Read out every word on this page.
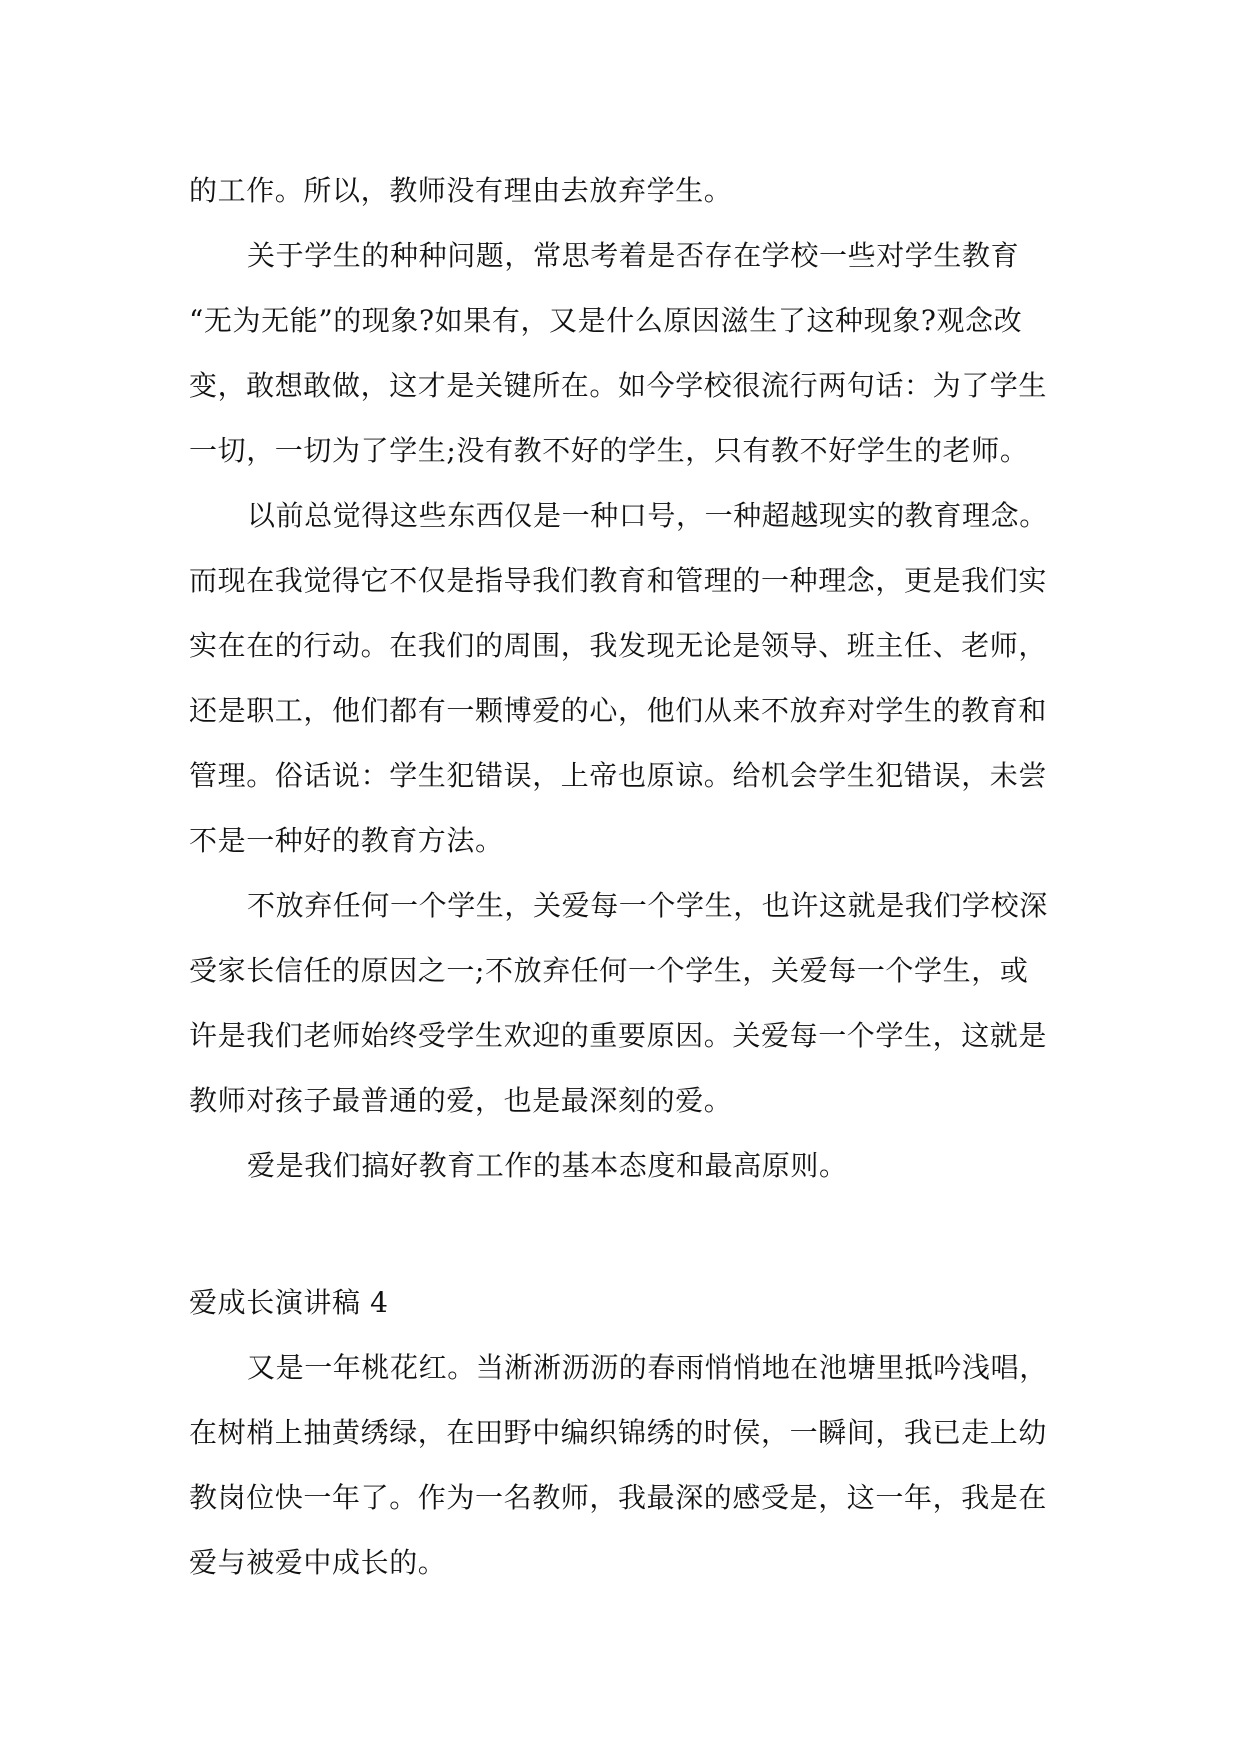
的工作。所以，教师没有理由去放弃学生。
关于学生的种种问题，常思考着是否存在学校一些对学生教育
“无为无能”的现象?如果有，又是什么原因滋生了这种现象?观念改
变，敢想敢做，这才是关键所在。如今学校很流行两句话：为了学生
一切，一切为了学生;没有教不好的学生，只有教不好学生的老师。
以前总觉得这些东西仅是一种口号，一种超越现实的教育理念。
而现在我觉得它不仅是指导我们教育和管理的一种理念，更是我们实
实在在的行动。在我们的周围，我发现无论是领导、班主任、老师，
还是职工，他们都有一颗博爱的心，他们从来不放弃对学生的教育和
管理。俗话说：学生犯错误，上帝也原谅。给机会学生犯错误，未尝
不是一种好的教育方法。
不放弃任何一个学生，关爱每一个学生，也许这就是我们学校深
受家长信任的原因之一;不放弃任何一个学生，关爱每一个学生，或
许是我们老师始终受学生欢迎的重要原因。关爱每一个学生，这就是
教师对孩子最普通的爱，也是最深刻的爱。
爱是我们搞好教育工作的基本态度和最高原则。
爱成长演讲稿 4
又是一年桃花红。当淅淅沥沥的春雨悄悄地在池塘里抵吟浅唱，
在树梢上抽黄绣绿，在田野中编织锦绣的时侯，一瞬间，我已走上幼
教岗位快一年了。作为一名教师，我最深的感受是，这一年，我是在
爱与被爱中成长的。
